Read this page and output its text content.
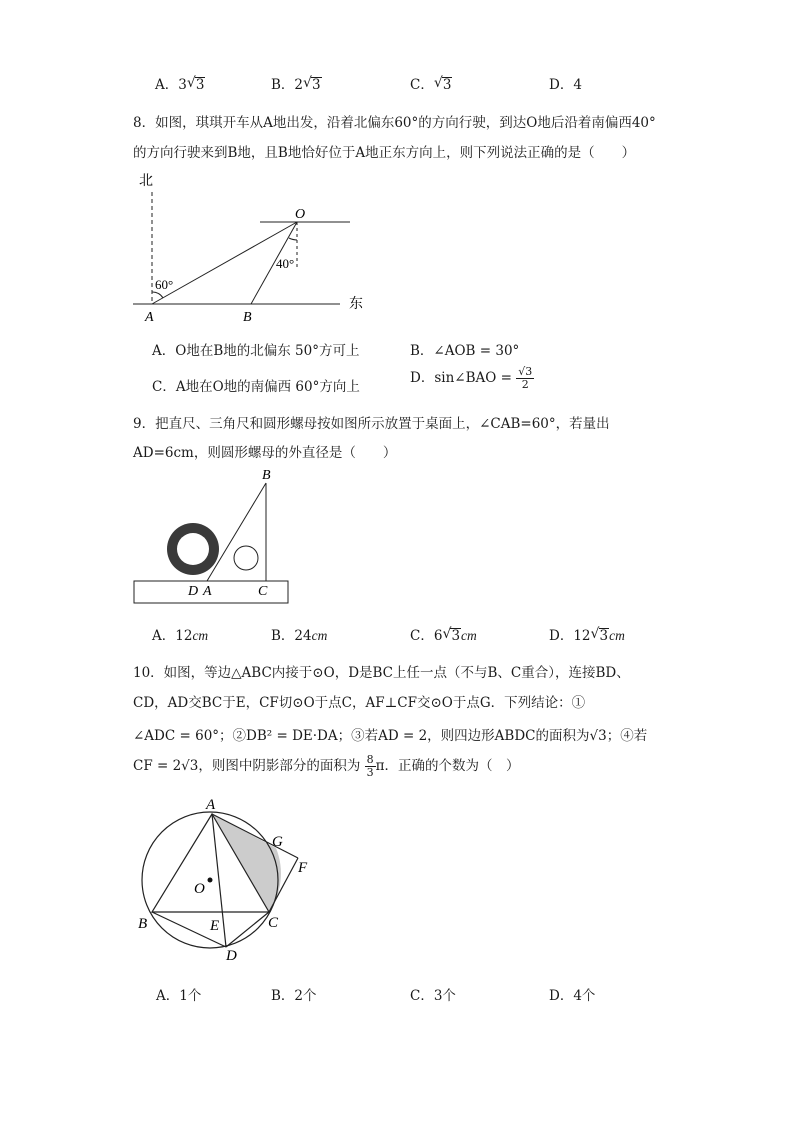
A．3 √ 3	B．2 √ 3	C． √ 3	D．4
8．如图，琪琪开车从A地出发，沿着北偏东60°的方向行驶，到达O地后沿着南偏西40°
的方向行驶来到B地，且B地恰好位于A地正东方向上，则下列说法正确的是（　　）
北
东
60°
40°
O
A	B
A．O地在B地的北偏东 50°方可上	B．∠AOB = 30°
C．A地在O地的南偏西 60°方向上
D．sin∠BAO = $\frac{√3}{2}$
9．把直尺、三角尺和圆形螺母按如图所示放置于桌面上，∠CAB=60°，若量出
AD=6cm，则圆形螺母的外直径是（　　）
B
D A	C
A．12cm	B．24cm	C．6 √ 3cm	D．12 √ 3cm
10．如图，等边△ABC内接于⊙O，D是BC上任一点（不与B、C重合），连接BD、
CD，AD交BC于E，CF切⊙O于点C，AF⊥CF交⊙O于点G．下列结论：①
∠ADC = 60°；②DB² = DE·DA；③若AD = 2，则四边形ABDC的面积为√3；④若
CF = 2√3，则图中阴影部分的面积为 $\frac{8}{3}$ π．正确的个数为（　）
A
B	C
D
E
F
G
O
A．1个	B．2个	C．3个	D．4个
